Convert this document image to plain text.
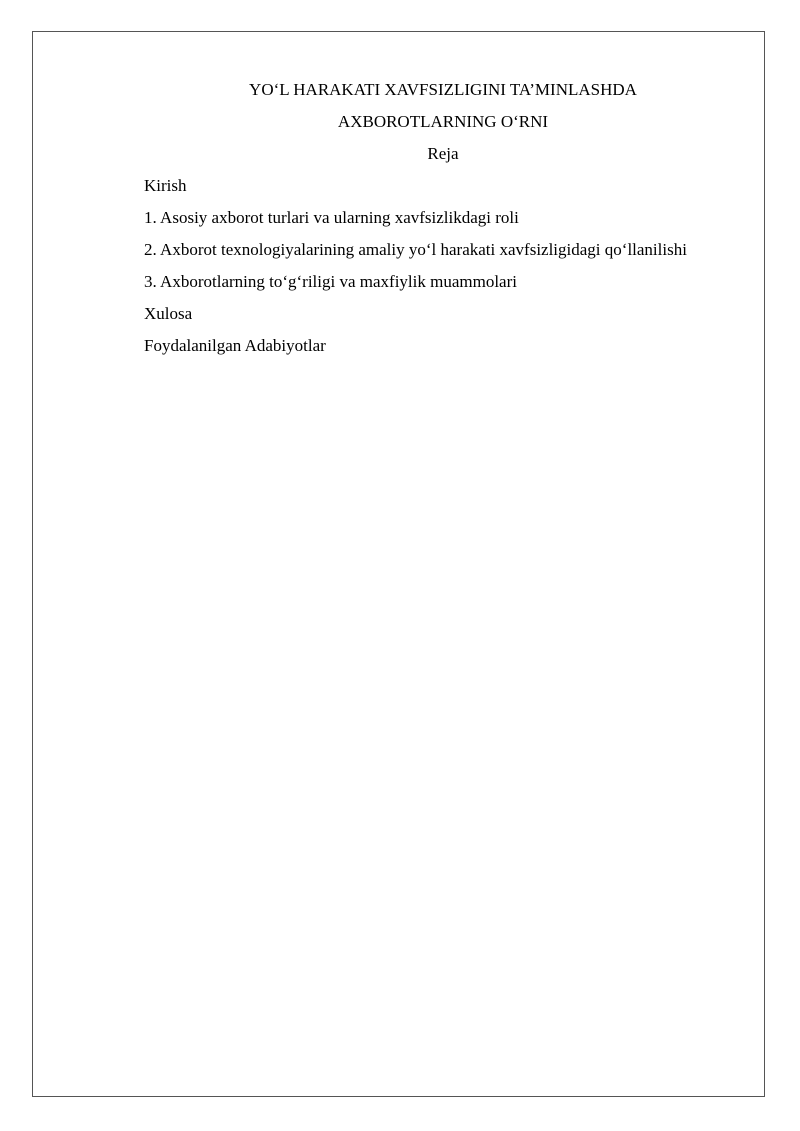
YO‘L HARAKATI XAVFSIZLIGINI TA’MINLASHDA

AXBOROTLARNING O‘RNI

Reja

Kirish

1. Asosiy axborot turlari va ularning xavfsizlikdagi roli

2. Axborot texnologiyalarining amaliy yo‘l harakati xavfsizligidagi qo‘llanilishi

3. Axborotlarning to‘g‘riligi va maxfiylik muammolari

Xulosa

Foydalanilgan Adabiyotlar
